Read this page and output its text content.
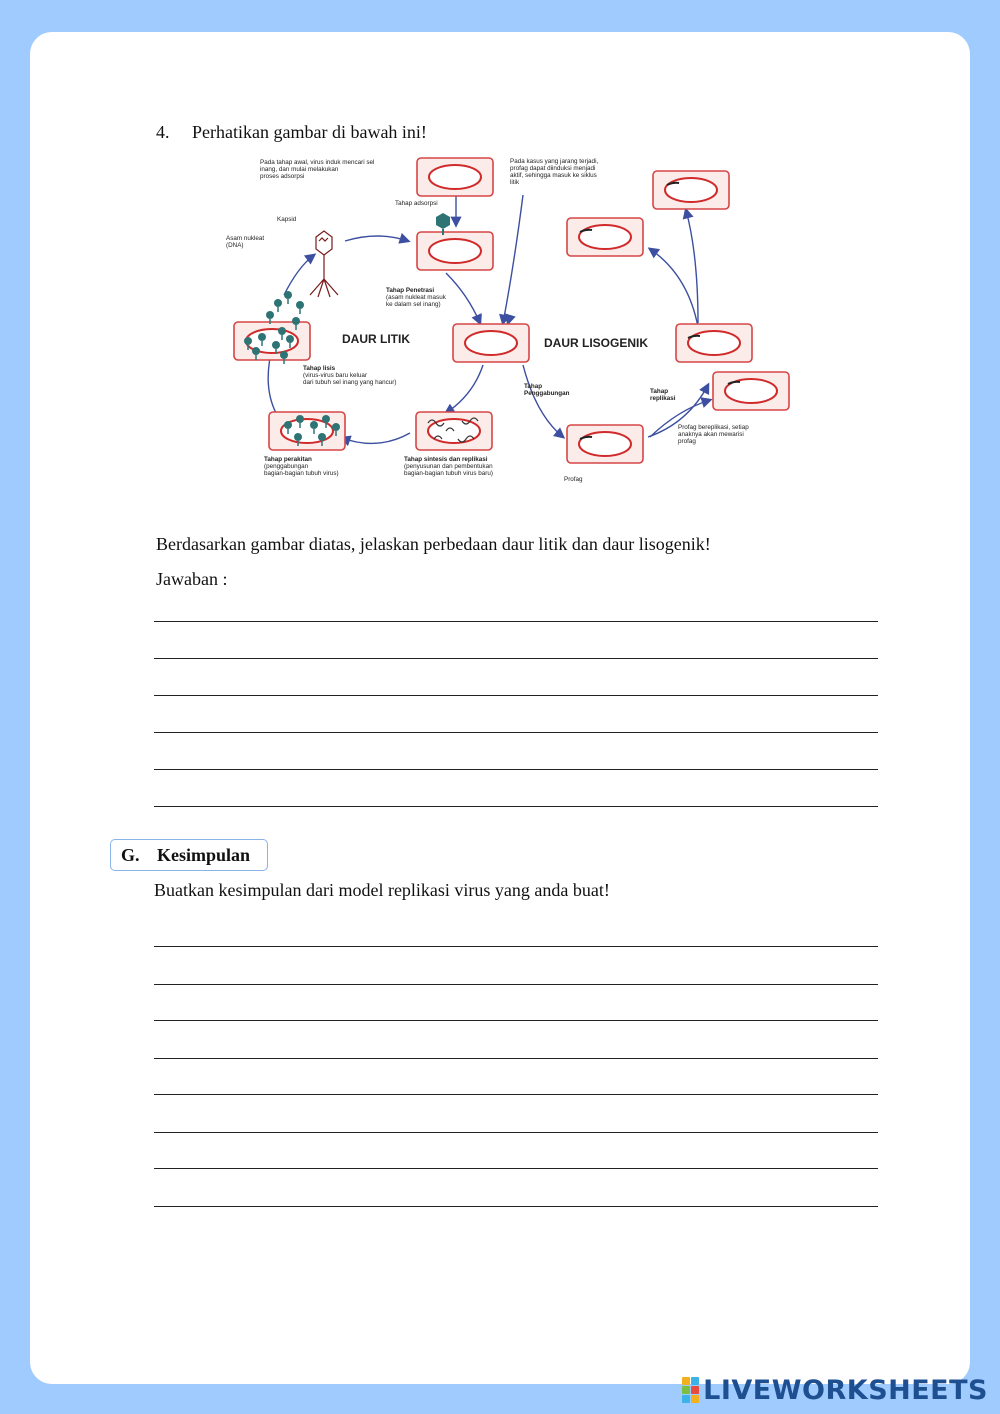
4. Perhatikan gambar di bawah ini!
DAUR LITIK	DAUR LISOGENIK
Pada tahap awal, virus induk mencari sel
inang, dan mulai melakukan
proses adsorpsi
Pada kasus yang jarang terjadi,
profag dapat diinduksi menjadi
aktif, sehingga masuk ke siklus
litik
Kapsid
Asam nukleat
(DNA)
Tahap adsorpsi
Tahap Penetrasi
(asam nukleat masuk
ke dalam sel inang)
Tahap lisis
(virus-virus baru keluar
dari tubuh sel inang yang hancur)
Tahap perakitan
(penggabungan
bagian-bagian tubuh virus)
Tahap sintesis dan replikasi
(penyusunan dan pembentukan
bagian-bagian tubuh virus baru)
Tahap
Penggabungan	Tahap
replikasi
Profag bereplikasi, setiap
anaknya akan mewarisi
profag
Profag
Berdasarkan gambar diatas, jelaskan perbedaan daur litik dan daur lisogenik!
Jawaban :
G. Kesimpulan
Buatkan kesimpulan dari model replikasi virus yang anda buat!
LIVEWORKSHEETS
